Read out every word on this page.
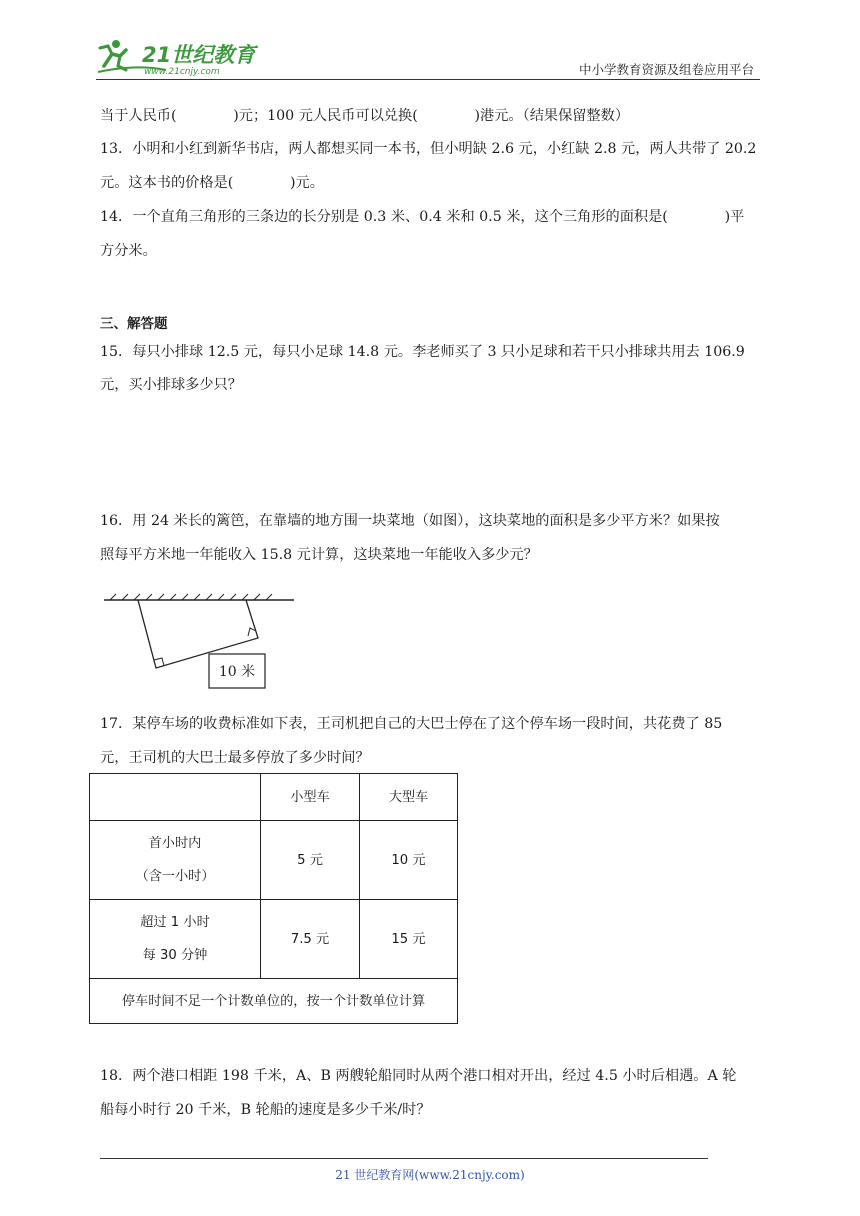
21世纪教育
www.21cnjy.com	中小学教育资源及组卷应用平台
当于人民币(　　　　)元；100 元人民币可以兑换(　　　　)港元。（结果保留整数）
13．小明和小红到新华书店，两人都想买同一本书，但小明缺 2.6 元，小红缺 2.8 元，两人共带了 20.2
元。这本书的价格是(　　　　)元。
14．一个直角三角形的三条边的长分别是 0.3 米、0.4 米和 0.5 米，这个三角形的面积是(　　　　)平
方分米。
三、解答题
15．每只小排球 12.5 元，每只小足球 14.8 元。李老师买了 3 只小足球和若干只小排球共用去 106.9
元，买小排球多少只？
16．用 24 米长的篱笆，在靠墙的地方围一块菜地（如图），这块菜地的面积是多少平方米？如果按
照每平方米地一年能收入 15.8 元计算，这块菜地一年能收入多少元？
10 米
17．某停车场的收费标准如下表，王司机把自己的大巴士停在了这个停车场一段时间，共花费了 85
元，王司机的大巴士最多停放了多少时间？
	小型车	大型车

首小时内
（含一小时）	5 元	10 元

超过 1 小时
每 30 分钟	7.5 元	15 元
停车时间不足一个计数单位的，按一个计数单位计算		
18．两个港口相距 198 千米，A、B 两艘轮船同时从两个港口相对开出，经过 4.5 小时后相遇。A 轮
船每小时行 20 千米，B 轮船的速度是多少千米/时？
21 世纪教育网(www.21cnjy.com)
